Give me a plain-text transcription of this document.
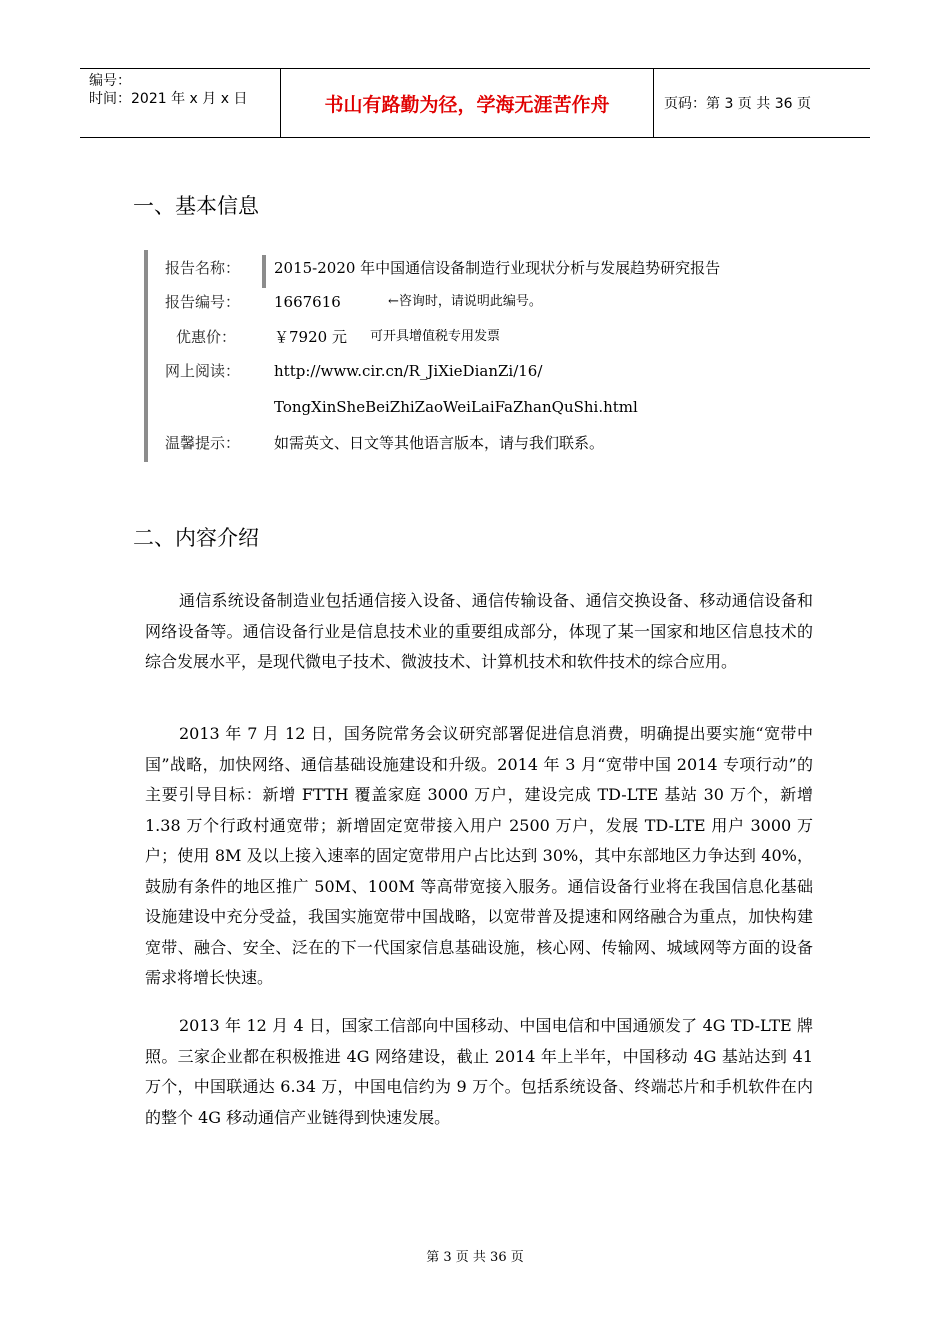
编号：
时间：2021 年 x 月 x 日	书山有路勤为径，学海无涯苦作舟	页码：第 3 页 共 36 页
一、基本信息
报告名称：	2015-2020 年中国通信设备制造行业现状分析与发展趋势研究报告
报告编号：	1667616	←咨询时，请说明此编号。
优惠价：	￥7920 元 可开具增值税专用发票
网上阅读：	http://www.cir.cn/R_JiXieDianZi/16/
TongXinSheBeiZhiZaoWeiLaiFaZhanQuShi.html
温馨提示：	如需英文、日文等其他语言版本，请与我们联系。
二、内容介绍
通信系统设备制造业包括通信接入设备、通信传输设备、通信交换设备、移动通信设备和网络设备等。通信设备行业是信息技术业的重要组成部分，体现了某一国家和地区信息技术的综合发展水平，是现代微电子技术、微波技术、计算机技术和软件技术的综合应用。
2013 年 7 月 12 日，国务院常务会议研究部署促进信息消费，明确提出要实施“宽带中国”战略，加快网络、通信基础设施建设和升级。2014 年 3 月“宽带中国 2014 专项行动”的主要引导目标：新增 FTTH 覆盖家庭 3000 万户，建设完成 TD-LTE 基站 30 万个，新增 1.38 万个行政村通宽带；新增固定宽带接入用户 2500 万户，发展 TD-LTE 用户 3000 万户；使用 8M 及以上接入速率的固定宽带用户占比达到 30%，其中东部地区力争达到 40%，鼓励有条件的地区推广 50M、100M 等高带宽接入服务。通信设备行业将在我国信息化基础设施建设中充分受益，我国实施宽带中国战略，以宽带普及提速和网络融合为重点，加快构建宽带、融合、安全、泛在的下一代国家信息基础设施，核心网、传输网、城域网等方面的设备需求将增长快速。
2013 年 12 月 4 日，国家工信部向中国移动、中国电信和中国通颁发了 4G TD-LTE 牌照。三家企业都在积极推进 4G 网络建设，截止 2014 年上半年，中国移动 4G 基站达到 41 万个，中国联通达 6.34 万，中国电信约为 9 万个。包括系统设备、终端芯片和手机软件在内的整个 4G 移动通信产业链得到快速发展。
第 3 页 共 36 页
